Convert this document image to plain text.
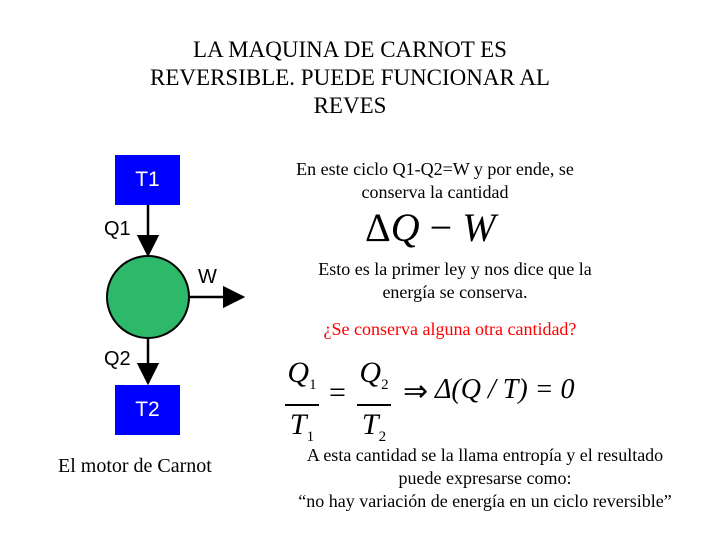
LA MAQUINA DE CARNOT ES
REVERSIBLE. PUEDE FUNCIONAR AL
REVES
T1
T2
Q1
W
Q2
El motor de Carnot
En este ciclo Q1-Q2=W y por ende, se
conserva la cantidad
ΔQ − W
Esto es la primer ley y nos dice que la
energía se conserva.
¿Se conserva alguna otra cantidad?
$Q_1$
$T_1$
=
$Q_2$
$T_2$
⇒ Δ(Q / T) = 0
A esta cantidad se la llama entropía y el resultado
puede expresarse como:
“no hay variación de energía en un ciclo reversible”
